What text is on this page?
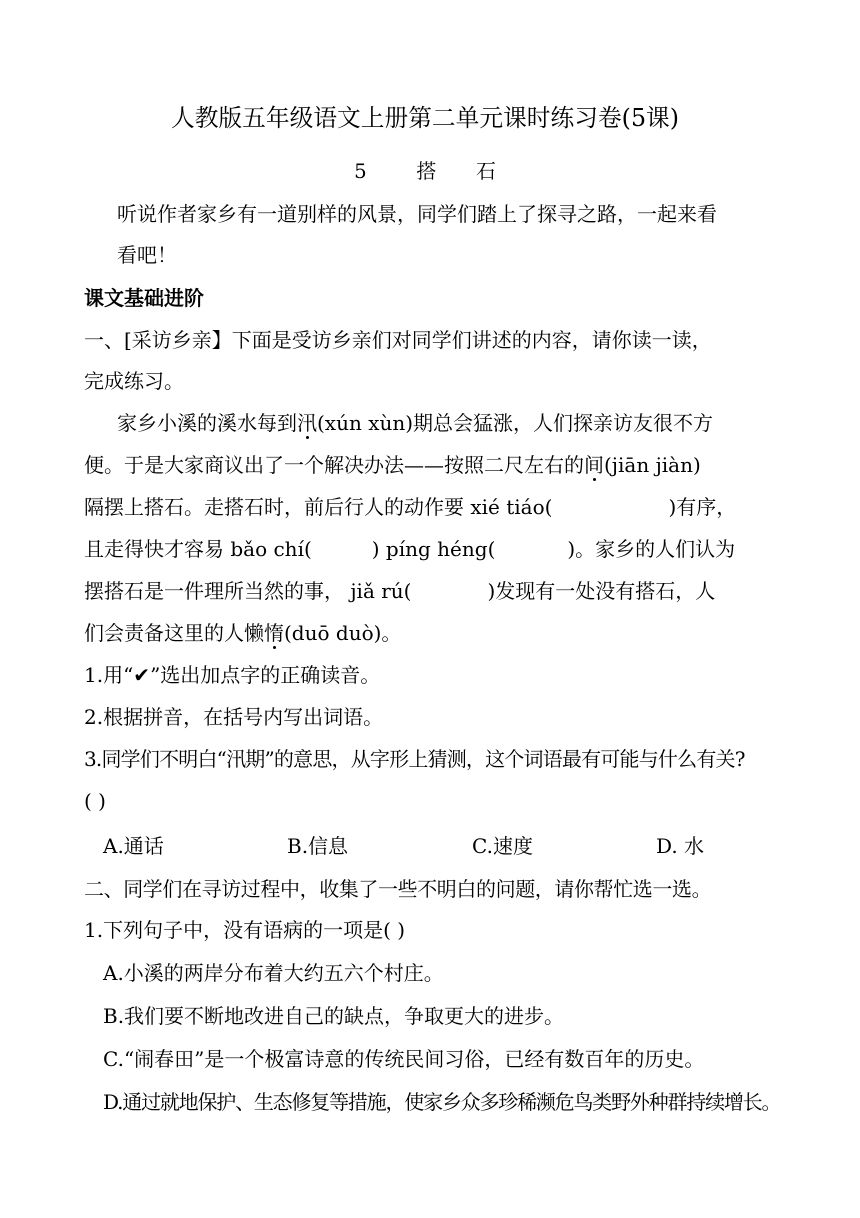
人教版五年级语文上册第二单元课时练习卷(5课)
5 搭 石
听说作者家乡有一道别样的风景，同学们踏上了探寻之路，一起来看
看吧！
课文基础进阶
一、[采访乡亲】下面是受访乡亲们对同学们讲述的内容，请你读一读，
完成练习。
家乡小溪的溪水每到汛(xún xùn)期总会猛涨，人们探亲访友很不方
便。于是大家商议出了一个解决办法——按照二尺左右的间(jiān jiàn)
隔摆上搭石。走搭石时，前后行人的动作要 xié tiáo(	)有序，
且走得快才容易 bǎo chí(	) píng héng(	)。家乡的人们认为
摆搭石是一件理所当然的事， jiǎ rú(	)发现有一处没有搭石，人
们会责备这里的人懒惰(duō duò)。
1.用“✔”选出加点字的正确读音。
2.根据拼音，在括号内写出词语。
3.同学们不明白“汛期”的意思，从字形上猜测，这个词语最有可能与什么有关?
( )
A.通话	B.信息	C.速度	D. 水
二、同学们在寻访过程中，收集了一些不明白的问题，请你帮忙选一选。
1.下列句子中，没有语病的一项是( )
A.小溪的两岸分布着大约五六个村庄。
B.我们要不断地改进自己的缺点，争取更大的进步。
C.“闹春田”是一个极富诗意的传统民间习俗，已经有数百年的历史。
D.通过就地保护、生态修复等措施，使家乡众多珍稀濒危鸟类野外种群持续增长。
